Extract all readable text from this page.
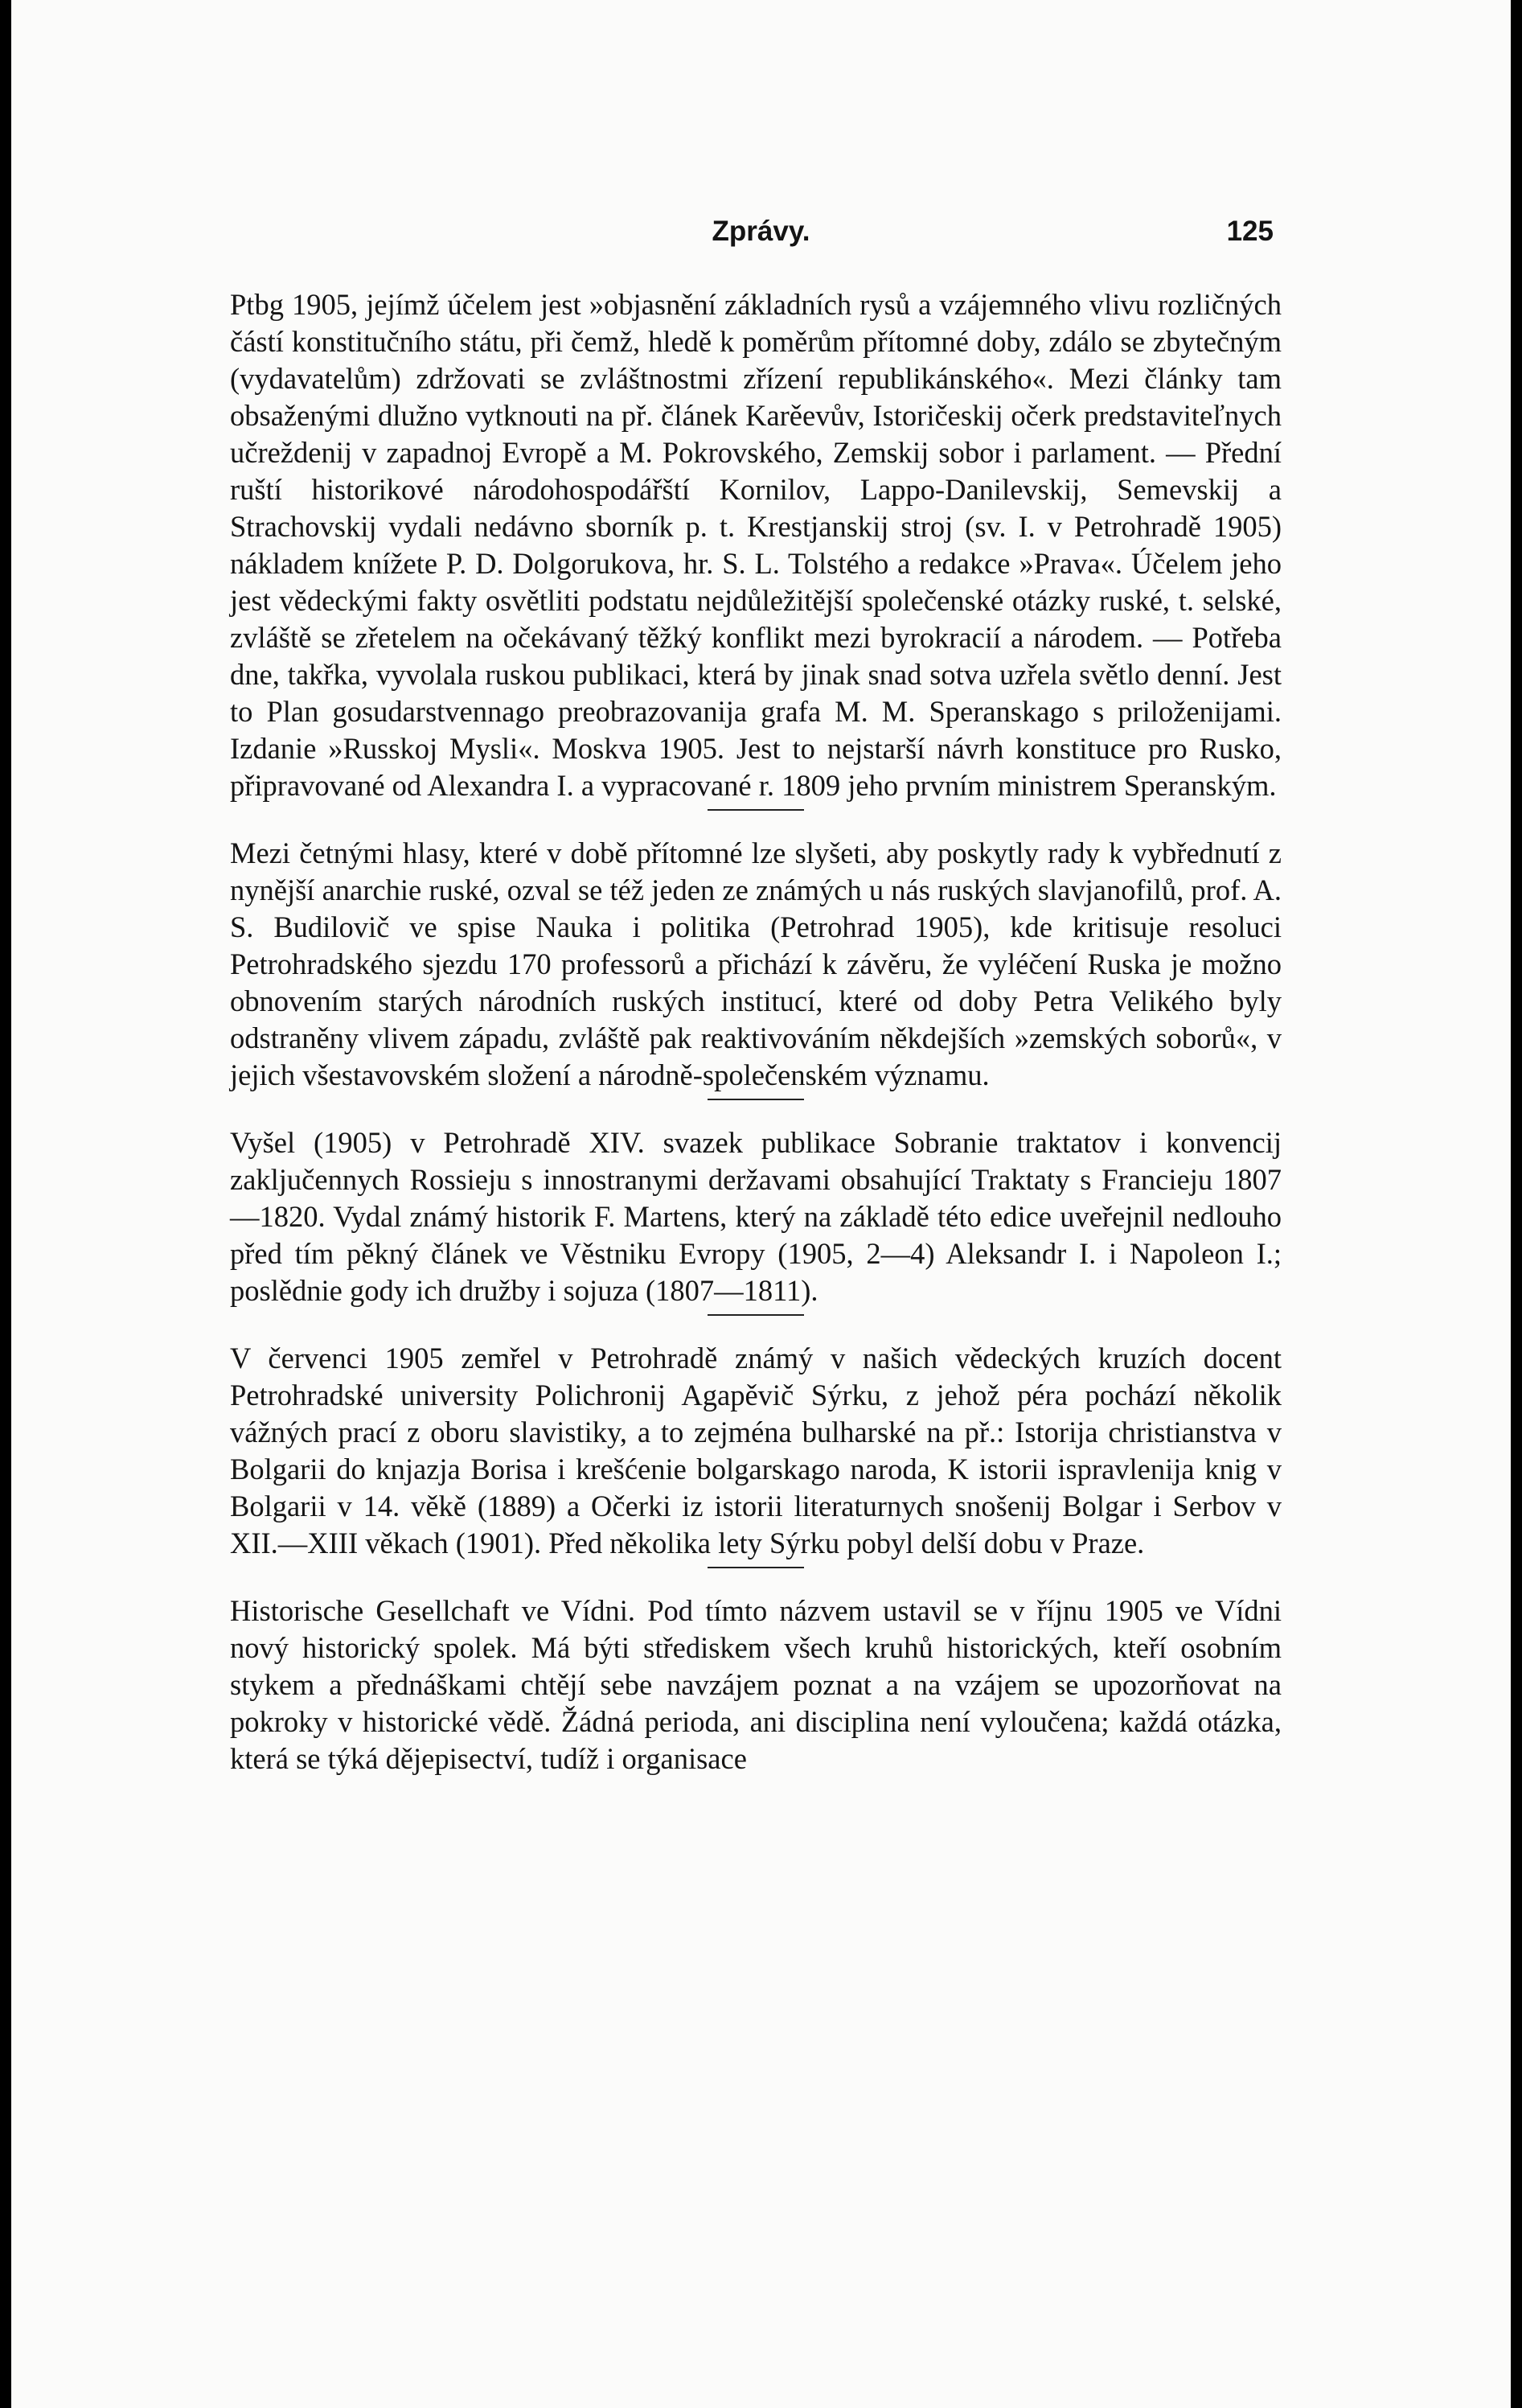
Zprávy.	125

Ptbg 1905, jejímž účelem jest »objasnění základních rysů a vzájemného vlivu rozličných částí konstitučního státu, při čemž, hledě k poměrům přítomné doby, zdálo se zbytečným (vydavatelům) zdržovati se zvláštnostmi zřízení republikánského«. Mezi články tam obsaženými dlužno vytknouti na př. článek Karěevův, Istoričeskij očerk predstaviteľnych učreždenij v zapadnoj Evropě a M. Pokrovského, Zemskij sobor i parlament. — Přední ruští historikové národohospodářští Kornilov, Lappo-Danilevskij, Semevskij a Strachovskij vydali nedávno sborník p. t. Krestjanskij stroj (sv. I. v Petrohradě 1905) nákladem knížete P. D. Dolgorukova, hr. S. L. Tolstého a redakce »Prava«. Účelem jeho jest vědeckými fakty osvětliti podstatu nejdůležitější společenské otázky ruské, t. selské, zvláště se zřetelem na očekávaný těžký konflikt mezi byrokracií a národem. — Potřeba dne, takřka, vyvolala ruskou publikaci, která by jinak snad sotva uzřela světlo denní. Jest to Plan gosudarstvennago preobrazovanija grafa M. M. Speranskago s priloženijami. Izdanie »Russkoj Mysli«. Moskva 1905. Jest to nejstarší návrh konstituce pro Rusko, připravované od Alexandra I. a vypracované r. 1809 jeho prvním ministrem Speranským.

Mezi četnými hlasy, které v době přítomné lze slyšeti, aby poskytly rady k vybřednutí z nynější anarchie ruské, ozval se též jeden ze známých u nás ruských slavjanofilů, prof. A. S. Budilovič ve spise Nauka i politika (Petrohrad 1905), kde kritisuje resoluci Petrohradského sjezdu 170 professorů a přichází k závěru, že vyléčení Ruska je možno obnovením starých národních ruských institucí, které od doby Petra Velikého byly odstraněny vlivem západu, zvláště pak reaktivováním někdejších »zemských soborů«, v jejich všestavovském složení a národně-společenském významu.

Vyšel (1905) v Petrohradě XIV. svazek publikace Sobranie traktatov i konvencij zaključennych Rossieju s innostranymi deržavami obsahující Traktaty s Francieju 1807—1820. Vydal známý historik F. Martens, který na základě této edice uveřejnil nedlouho před tím pěkný článek ve Věstniku Evropy (1905, 2—4) Aleksandr I. i Napoleon I.; poslědnie gody ich družby i sojuza (1807—1811).

V červenci 1905 zemřel v Petrohradě známý v našich vědeckých kruzích docent Petrohradské university Polichronij Agapěvič Sýrku, z jehož péra pochází několik vážných prací z oboru slavistiky, a to zejména bulharské na př.: Istorija christianstva v Bolgarii do knjazja Borisa i krešćenie bolgarskago naroda, K istorii ispravlenija knig v Bolgarii v 14. věkě (1889) a Očerki iz istorii literaturnych snošenij Bolgar i Serbov v XII.—XIII věkach (1901). Před několika lety Sýrku pobyl delší dobu v Praze.

Historische Gesellchaft ve Vídni. Pod tímto názvem ustavil se v říjnu 1905 ve Vídni nový historický spolek. Má býti střediskem všech kruhů historických, kteří osobním stykem a přednáškami chtějí sebe navzájem poznat a na vzájem se upozorňovat na pokroky v historické vědě. Žádná perioda, ani disciplina není vyloučena; každá otázka, která se týká dějepisectví, tudíž i organisace
